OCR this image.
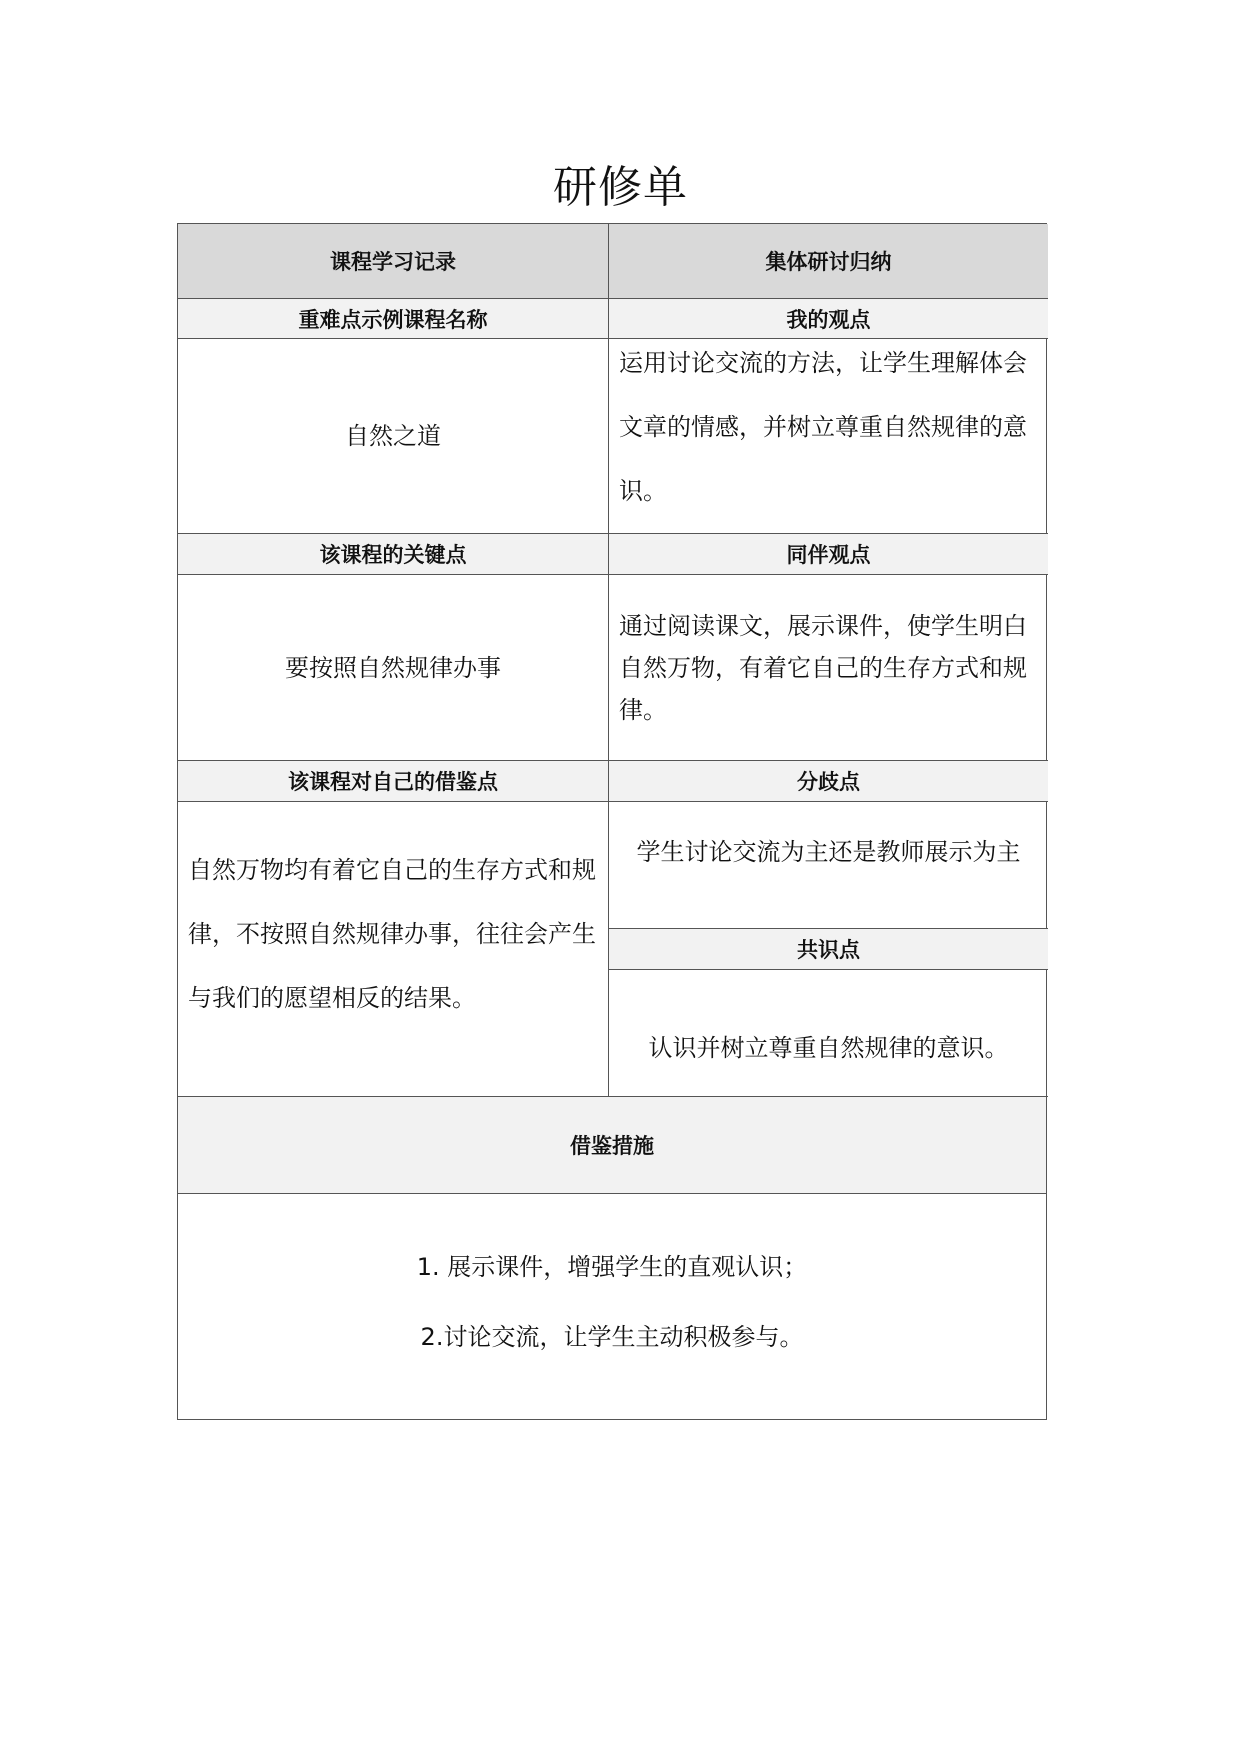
研修单
课程学习记录	集体研讨归纳
重难点示例课程名称	我的观点
自然之道
运用讨论交流的方法，让学生理解体会文章的情感，并树立尊重自然规律的意识。
该课程的关键点	同伴观点
要按照自然规律办事
通过阅读课文，展示课件，使学生明白自然万物，有着它自己的生存方式和规律。
该课程对自己的借鉴点	分歧点
自然万物均有着它自己的生存方式和规律，不按照自然规律办事，往往会产生与我们的愿望相反的结果。
学生讨论交流为主还是教师展示为主
共识点
认识并树立尊重自然规律的意识。
借鉴措施
1. 展示课件，增强学生的直观认识；
2.讨论交流，让学生主动积极参与。
